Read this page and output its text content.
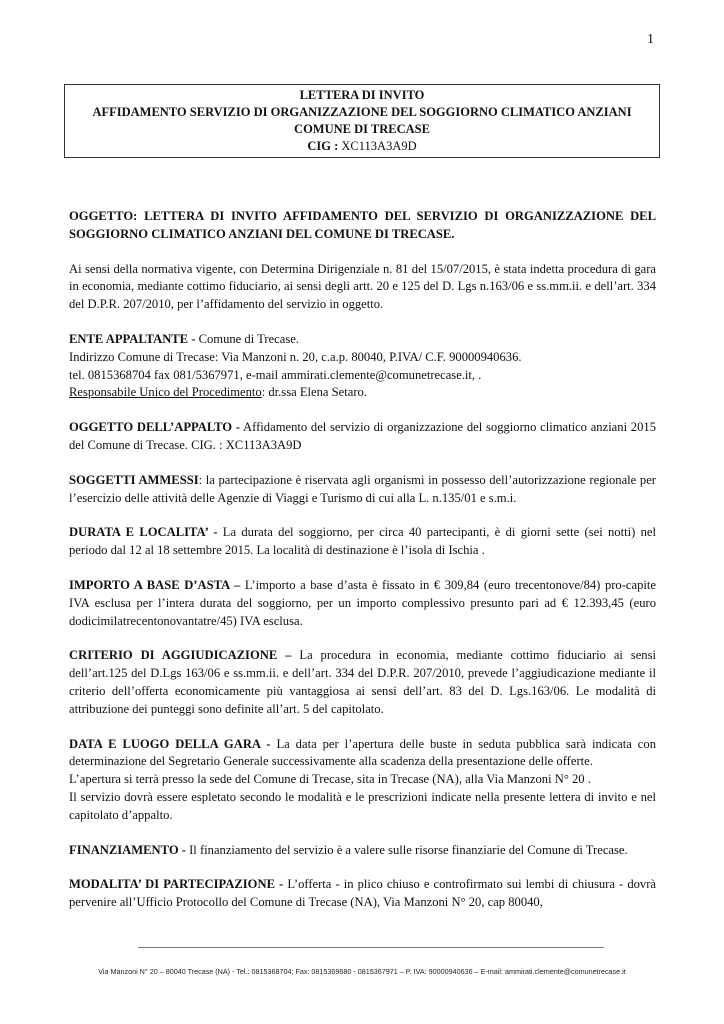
1
LETTERA DI INVITO
AFFIDAMENTO SERVIZIO DI ORGANIZZAZIONE DEL SOGGIORNO CLIMATICO ANZIANI
COMUNE DI TRECASE
CIG : XC113A3A9D

OGGETTO: LETTERA DI INVITO AFFIDAMENTO DEL SERVIZIO DI ORGANIZZAZIONE DEL SOGGIORNO CLIMATICO ANZIANI DEL COMUNE DI TRECASE.

Ai sensi della normativa vigente, con Determina Dirigenziale n. 81 del 15/07/2015, è stata indetta procedura di gara in economia, mediante cottimo fiduciario, ai sensi degli artt. 20 e 125 del D. Lgs n.163/06 e ss.mm.ii. e dell’art. 334 del D.P.R. 207/2010, per l’affidamento del servizio in oggetto.

ENTE APPALTANTE - Comune di Trecase.

Indirizzo Comune di Trecase: Via Manzoni n. 20, c.a.p. 80040, P.IVA/ C.F. 90000940636.

tel. 0815368704 fax 081/5367971, e-mail ammirati.clemente@comunetrecase.it, .

Responsabile Unico del Procedimento: dr.ssa Elena Setaro.

OGGETTO DELL’APPALTO - Affidamento del servizio di organizzazione del soggiorno climatico anziani 2015 del Comune di Trecase. CIG. : XC113A3A9D

SOGGETTI AMMESSI: la partecipazione è riservata agli organismi in possesso dell’autorizzazione regionale per l’esercizio delle attività delle Agenzie di Viaggi e Turismo di cui alla L. n.135/01 e s.m.i.

DURATA E LOCALITA’ - La durata del soggiorno, per circa 40 partecipanti, è di giorni sette (sei notti) nel periodo dal 12 al 18 settembre 2015. La località di destinazione è l’isola di Ischia .

IMPORTO A BASE D’ASTA – L’importo a base d’asta è fissato in € 309,84 (euro trecentonove/84) pro-capite IVA esclusa per l’intera durata del soggiorno, per un importo complessivo presunto pari ad € 12.393,45 (euro dodicimilatrecentonovantatre/45) IVA esclusa.

CRITERIO DI AGGIUDICAZIONE – La procedura in economia, mediante cottimo fiduciario ai sensi dell’art.125 del D.Lgs 163/06 e ss.mm.ii. e dell’art. 334 del D.P.R. 207/2010, prevede l’aggiudicazione mediante il criterio dell’offerta economicamente più vantaggiosa ai sensi dell’art. 83 del D. Lgs.163/06. Le modalità di attribuzione dei punteggi sono definite all’art. 5 del capitolato.

DATA E LUOGO DELLA GARA - La data per l’apertura delle buste in seduta pubblica sarà indicata con determinazione del Segretario Generale successivamente alla scadenza della presentazione delle offerte.

L’apertura si terrà presso la sede del Comune di Trecase, sita in Trecase (NA), alla Via Manzoni N° 20 .

Il servizio dovrà essere espletato secondo le modalità e le prescrizioni indicate nella presente lettera di invito e nel capitolato d’appalto.

FINANZIAMENTO - Il finanziamento del servizio è a valere sulle risorse finanziarie del Comune di Trecase.

MODALITA’ DI PARTECIPAZIONE - L’offerta - in plico chiuso e controfirmato sui lembi di chiusura - dovrà pervenire all’Ufficio Protocollo del Comune di Trecase (NA), Via Manzoni N° 20, cap 80040,

Via Manzoni N° 20 – 80040 Trecase (NA) - Tel.: 0815368704; Fax: 0815369680 - 0815367971 – P. IVA: 90000940636 – E-mail: ammirati.clemente@comunetrecase.it
